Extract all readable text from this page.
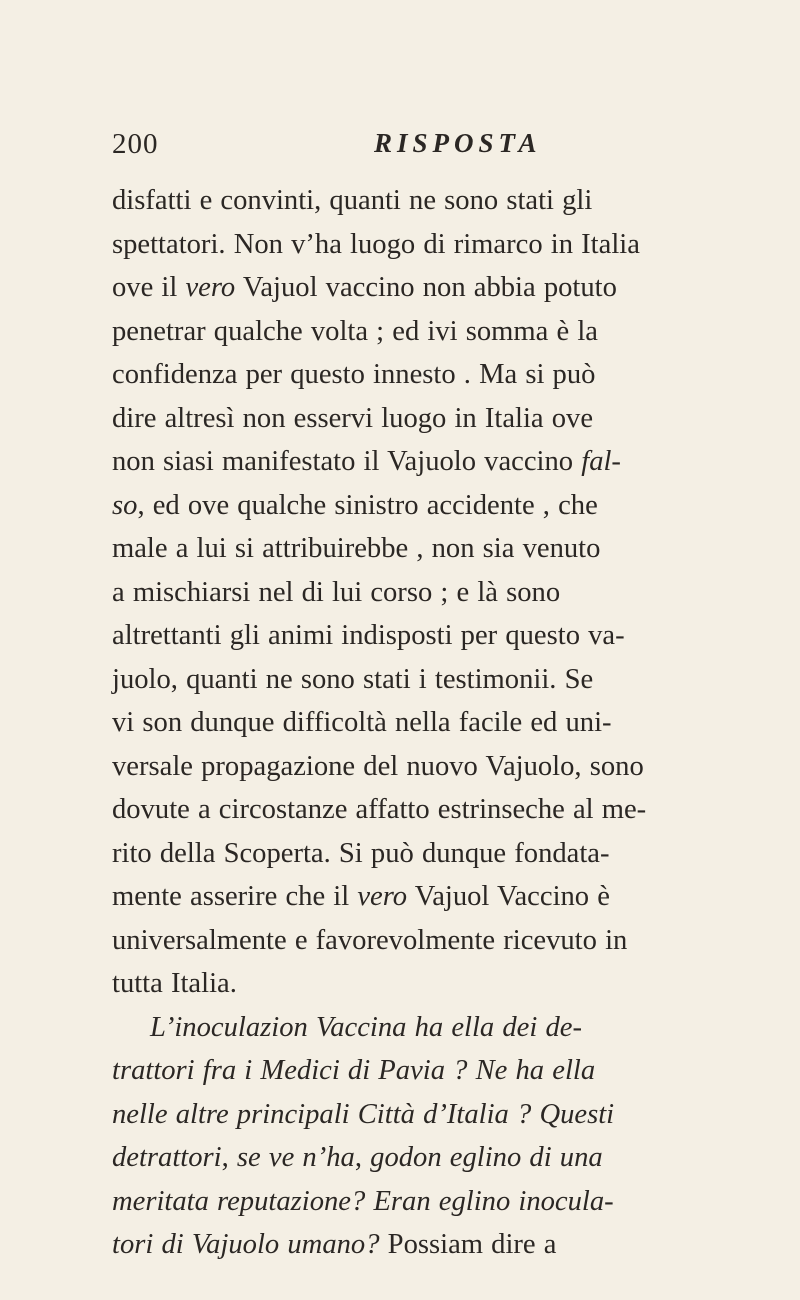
200	RISPOSTA
disfatti e convinti, quanti ne sono stati gli
spettatori. Non v’ha luogo di rimarco in Italia
ove il vero Vajuol vaccino non abbia potuto
penetrar qualche volta ; ed ivi somma è la
confidenza per questo innesto . Ma si può
dire altresì non esservi luogo in Italia ove
non siasi manifestato il Vajuolo vaccino fal-
so, ed ove qualche sinistro accidente , che
male a lui si attribuirebbe , non sia venuto
a mischiarsi nel di lui corso ; e là sono
altrettanti gli animi indisposti per questo va-
juolo, quanti ne sono stati i testimonii. Se
vi son dunque difficoltà nella facile ed uni-
versale propagazione del nuovo Vajuolo, sono
dovute a circostanze affatto estrinseche al me-
rito della Scoperta. Si può dunque fondata-
mente asserire che il vero Vajuol Vaccino è
universalmente e favorevolmente ricevuto in
tutta Italia.
L’inoculazion Vaccina ha ella dei de-
trattori fra i Medici di Pavia ? Ne ha ella
nelle altre principali Città d’Italia ? Questi
detrattori, se ve n’ha, godon eglino di una
meritata reputazione? Eran eglino inocula-
tori di Vajuolo umano? Possiam dire a
